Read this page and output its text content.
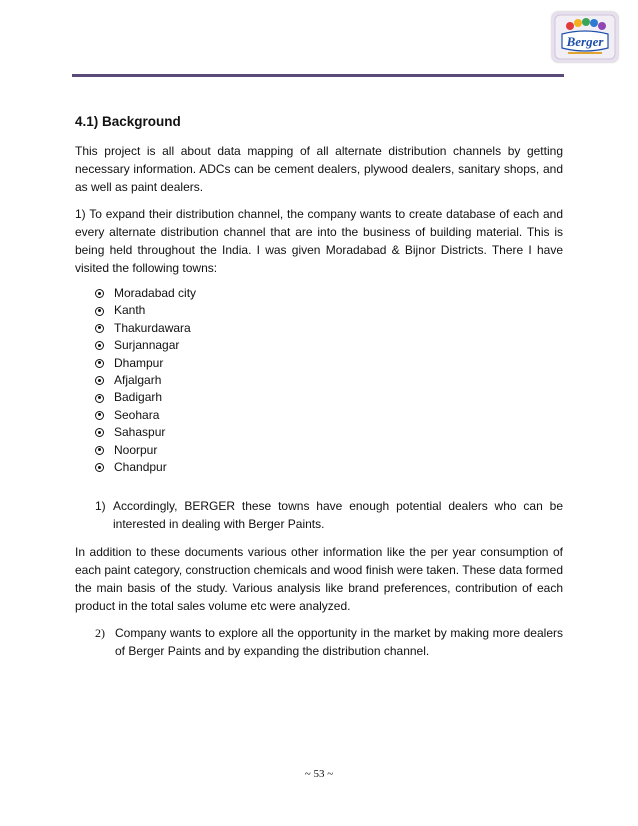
Berger
4.1) Background
This project is all about data mapping of all alternate distribution channels by getting necessary information. ADCs can be cement dealers, plywood dealers, sanitary shops, and as well as paint dealers.
1) To expand their distribution channel, the company wants to create database of each and every alternate distribution channel that are into the business of building material. This is being held throughout the India. I was given Moradabad & Bijnor Districts. There I have visited the following towns:
Moradabad city
Kanth
Thakurdawara
Surjannagar
Dhampur
Afjalgarh
Badigarh
Seohara
Sahaspur
Noorpur
Chandpur
1) Accordingly, BERGER these towns have enough potential dealers who can be interested in dealing with Berger Paints.
In addition to these documents various other information like the per year consumption of each paint category, construction chemicals and wood finish were taken. These data formed the main basis of the study. Various analysis like brand preferences, contribution of each product in the total sales volume etc were analyzed.
2) Company wants to explore all the opportunity in the market by making more dealers of Berger Paints and by expanding the distribution channel.
~ 53 ~
